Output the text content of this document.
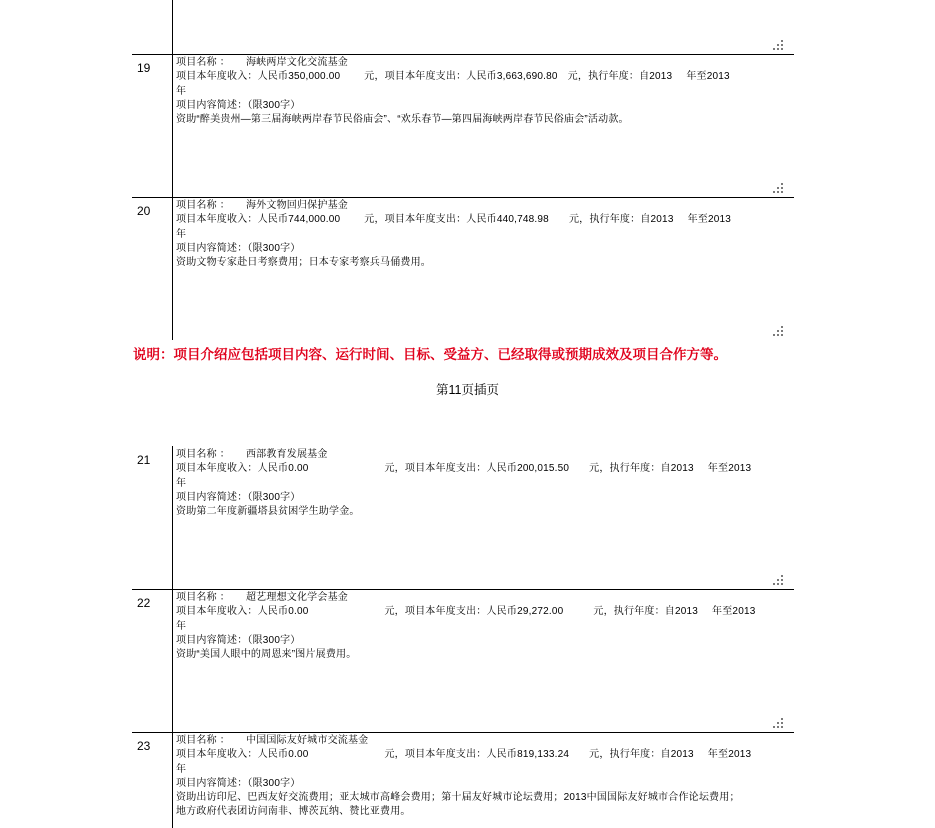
19	项目名称 ： 海峡两岸文化交流基金
项目本年度收入：人民币350,000.00 元，项目本年度支出：人民币3,663,690.80 元，执行年度：自2013 年至2013
年
项目内容简述：（限300字）
资助“醉美贵州—第三届海峡两岸春节民俗庙会”、“欢乐春节—第四届海峡两岸春节民俗庙会”活动款。
20	项目名称 ： 海外文物回归保护基金
项目本年度收入：人民币744,000.00 元，项目本年度支出：人民币440,748.98 元，执行年度：自2013 年至2013
年
项目内容简述：（限300字）
资助文物专家赴日考察费用；日本专家考察兵马俑费用。
说明：项目介绍应包括项目内容、运行时间、目标、受益方、已经取得或预期成效及项目合作方等。
第11页插页
21	项目名称 ： 西部教育发展基金
项目本年度收入：人民币0.00	元，项目本年度支出：人民币200,015.50 元，执行年度：自2013 年至2013
年
项目内容简述：（限300字）
资助第二年度新疆塔县贫困学生助学金。
22	项目名称 ： 超艺理想文化学会基金
项目本年度收入：人民币0.00	元，项目本年度支出：人民币29,272.00	元，执行年度：自2013 年至2013
年
项目内容简述：（限300字）
资助“美国人眼中的周恩来”图片展费用。
23	项目名称 ： 中国国际友好城市交流基金
项目本年度收入：人民币0.00	元，项目本年度支出：人民币819,133.24 元，执行年度：自2013 年至2013
年
项目内容简述：（限300字）
资助出访印尼、巴西友好交流费用；亚太城市高峰会费用；第十届友好城市论坛费用；2013中国国际友好城市合作论坛费用；
地方政府代表团访问南非、博茨瓦纳、赞比亚费用。
